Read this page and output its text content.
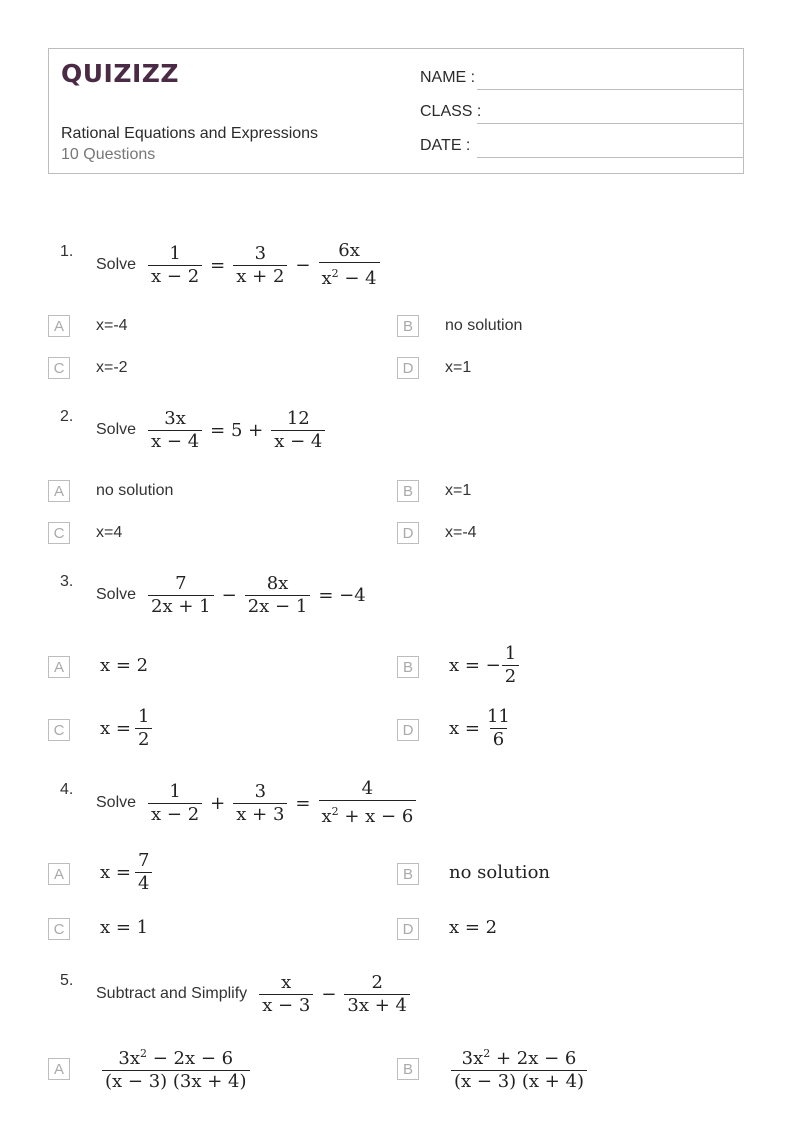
QUIZIZZ
Rational Equations and Expressions
10 Questions
NAME :
CLASS :
DATE :
1.
Solve $\frac{1}{x - 2} = \frac{3}{x + 2} - \frac{6x}{x^2 - 4}$
A	x=-4	B	no solution
C	x=-2	D	x=1
2.
Solve $\frac{3x}{x - 4} = 5 + \frac{12}{x - 4}$
A	no solution	B	x=1
C	x=4	D	x=-4
3.
Solve $\frac{7}{2x + 1} - \frac{8x}{2x - 1} = -4$
A	x = 2	B	x = − $\frac{1}{2}$
C	$x = \frac{1}{2}$	D	$x = \frac{11}{6}$
4.
Solve $\frac{1}{x - 2} + \frac{3}{x + 3} = \frac{4}{x^2 + x - 6}$
A	$x = \frac{7}{4}$	B	no solution
C	x = 1	D	x = 2
5.
Subtract and Simplify $\frac{x}{x - 3} - \frac{2}{3x + 4}$
A	$\frac{3x^2 - 2x - 6}{(x - 3) (3x + 4)}$	B	$\frac{3x^2 + 2x - 6}{(x - 3) (x + 4)}$
